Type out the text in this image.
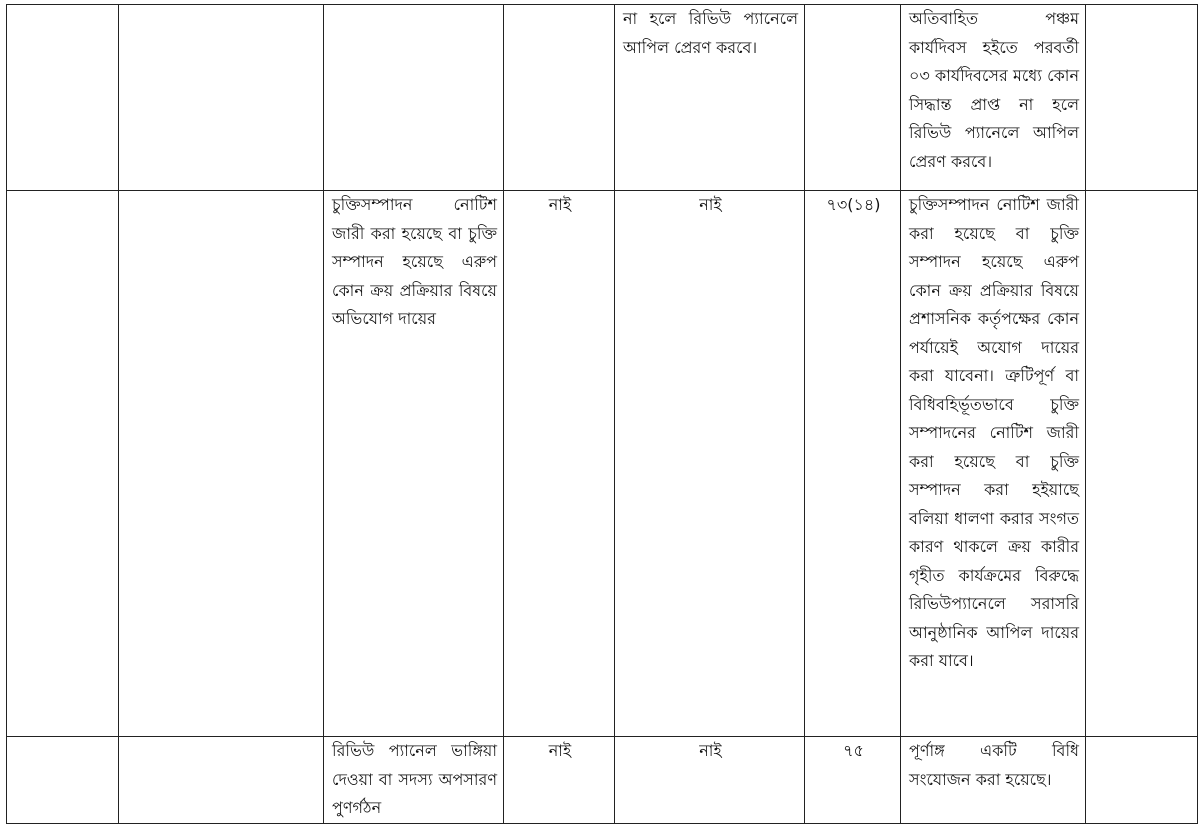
				না হলে রিভিউ প্যানেলে আপিল প্রেরণ করবে।		অতিবাহিত পঞ্চম কার্যদিবস হইতে পরবর্তী ০৩ কার্যদিবসের মধ্যে কোন সিদ্ধান্ত প্রাপ্ত না হলে রিভিউ প্যানেলে আপিল প্রেরণ করবে।	
		চুক্তিসম্পাদন নোটিশ জারী করা হয়েছে বা চুক্তি সম্পাদন হয়েছে এরুপ কোন ক্রয় প্রক্রিয়ার বিষয়ে অভিযোগ দায়ের	নাই	নাই	৭৩(১৪)	চুক্তিসম্পাদন নোটিশ জারী করা হয়েছে বা চুক্তি সম্পাদন হয়েছে এরুপ কোন ক্রয় প্রক্রিয়ার বিষয়ে প্রশাসনিক কর্তৃপক্ষের কোন পর্যায়েই অযোগ দায়ের করা যাবেনা। ত্রুটিপূর্ণ বা বিধিবহির্ভূতভাবে চুক্তি সম্পাদনের নোটিশ জারী করা হয়েছে বা চুক্তি সম্পাদন করা হইয়াছে বলিয়া ধালণা করার সংগত কারণ থাকলে ক্রয় কারীর গৃহীত কার্যক্রমের বিরুদ্ধে রিভিউপ্যানেলে সরাসরি আনুষ্ঠানিক আপিল দায়ের করা যাবে।	
		রিভিউ প্যানেল ভাঙ্গিয়া দেওয়া বা সদস্য অপসারণ পুণর্গঠন	নাই	নাই	৭৫	পূর্ণাঙ্গ একটি বিধি সংযোজন করা হয়েছে।	
